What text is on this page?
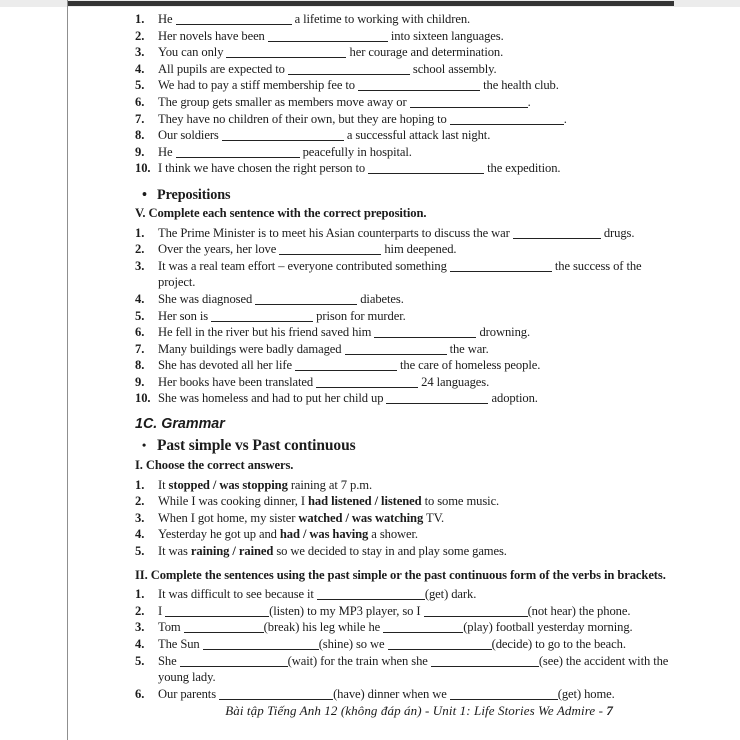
1.	He	a lifetime to working with children.
2.	Her novels have been	into sixteen languages.
3.	You can only	her courage and determination.
4.	All pupils are expected to	school assembly.
5.	We had to pay a stiff membership fee to	the health club.
6.	The group gets smaller as members move away or	.
7.	They have no children of their own, but they are hoping to	.
8.	Our soldiers	a successful attack last night.
9.	He	peacefully in hospital.
10. I think we have chosen the right person to	the expedition.
• Prepositions
V. Complete each sentence with the correct preposition.
1.	The Prime Minister is to meet his Asian counterparts to discuss the war	drugs.
2.	Over the years, her love	him deepened.
3.	It was a real team effort – everyone contributed something	the success of the project.
4.	She was diagnosed	diabetes.
5.	Her son is	prison for murder.
6.	He fell in the river but his friend saved him	drowning.
7.	Many buildings were badly damaged	the war.
8.	She has devoted all her life	the care of homeless people.
9.	Her books have been translated	24 languages.
10. She was homeless and had to put her child up	adoption.
1C. Grammar
• Past simple vs Past continuous
I. Choose the correct answers.
1.	It stopped / was stopping raining at 7 p.m.
2.	While I was cooking dinner, I had listened / listened to some music.
3.	When I got home, my sister watched / was watching TV.
4.	Yesterday he got up and had / was having a shower.
5.	It was raining / rained so we decided to stay in and play some games.
II. Complete the sentences using the past simple or the past continuous form of the verbs in brackets.
1.	It was difficult to see because it	(get) dark.
2.	I	(listen) to my MP3 player, so I	(not hear) the phone.
3.	Tom	(break) his leg while he	(play) football yesterday morning.
4.	The Sun	(shine) so we	(decide) to go to the beach.
5.	She	(wait) for the train when she	(see) the accident with the young lady.
6.	Our parents	(have) dinner when we	(get) home.
Bài tập Tiếng Anh 12 (không đáp án) - Unit 1: Life Stories We Admire - 7
